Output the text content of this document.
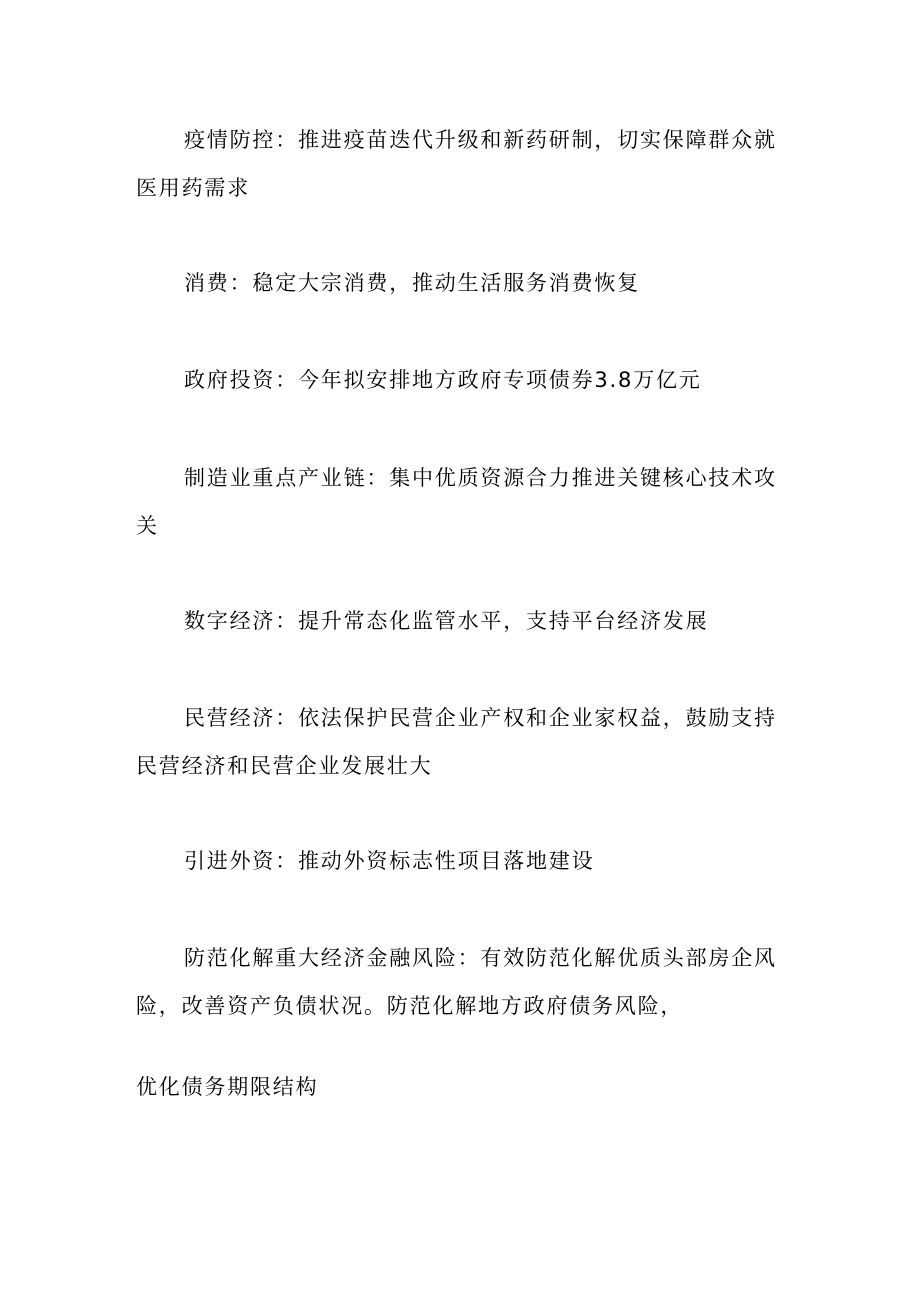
疫情防控：推进疫苗迭代升级和新药研制，切实保障群众就医用药需求

消费：稳定大宗消费，推动生活服务消费恢复

政府投资：今年拟安排地方政府专项债券3.8万亿元

制造业重点产业链：集中优质资源合力推进关键核心技术攻关

数字经济：提升常态化监管水平，支持平台经济发展

民营经济：依法保护民营企业产权和企业家权益，鼓励支持民营经济和民营企业发展壮大

引进外资：推动外资标志性项目落地建设

防范化解重大经济金融风险：有效防范化解优质头部房企风险，改善资产负债状况。防范化解地方政府债务风险，

优化债务期限结构
